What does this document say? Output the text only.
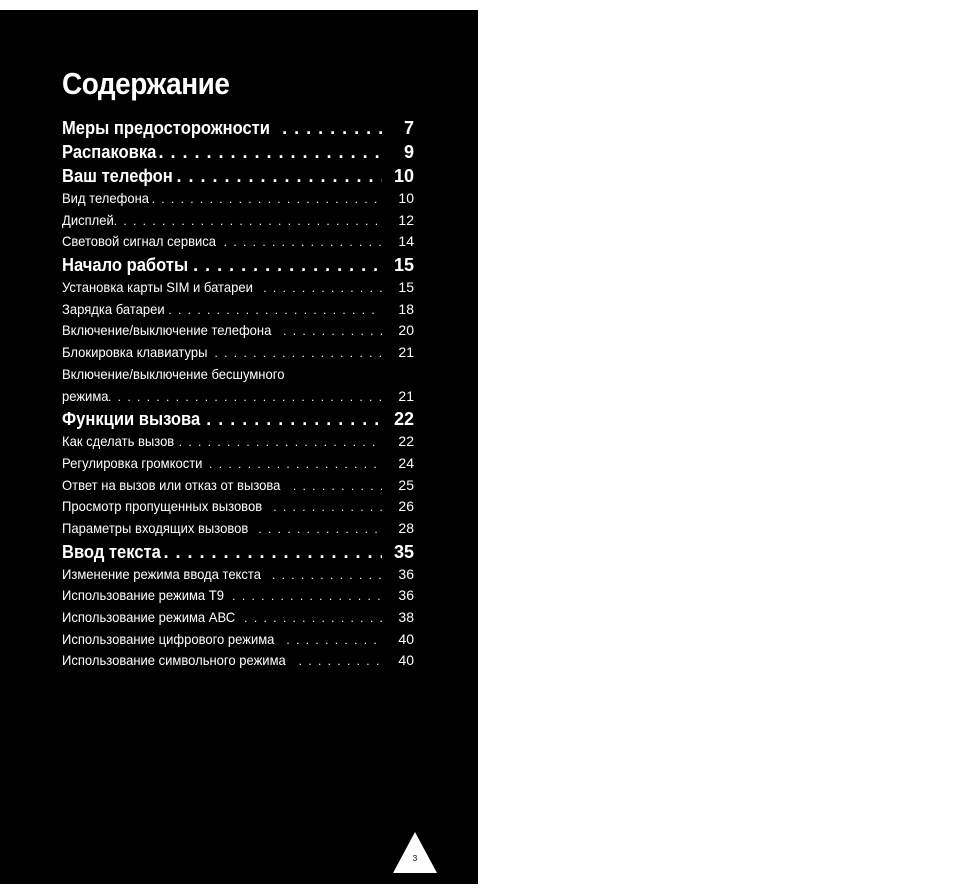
Содержание
Меры предосторожности . . .	7
Распаковка . . .	9
Ваш телефон . . .	10
Вид телефона . . .	10
Дисплей . . .	12
Световой сигнал сервиса . . .	14
Начало работы . . .	15
Установка карты SIM и батареи . . .	15
Зарядка батареи . . .	18
Включение/выключение телефона . . .	20
Блокировка клавиатуры . . .	21
Включение/выключение бесшумного
режима . . .	21
Функции вызова . . .	22
Как сделать вызов . . .	22
Регулировка громкости . . .	24
Ответ на вызов или отказ от вызова . . .	25
Просмотр пропущенных вызовов . . .	26
Параметры входящих вызовов . . .	28
Ввод текста . . .	35
Изменение режима ввода текста . . .	36
Использование режима Т9 . . .	36
Использование режима АВС . . .	38
Использование цифрового режима . . .	40
Использование символьного режима . . .	40
3
